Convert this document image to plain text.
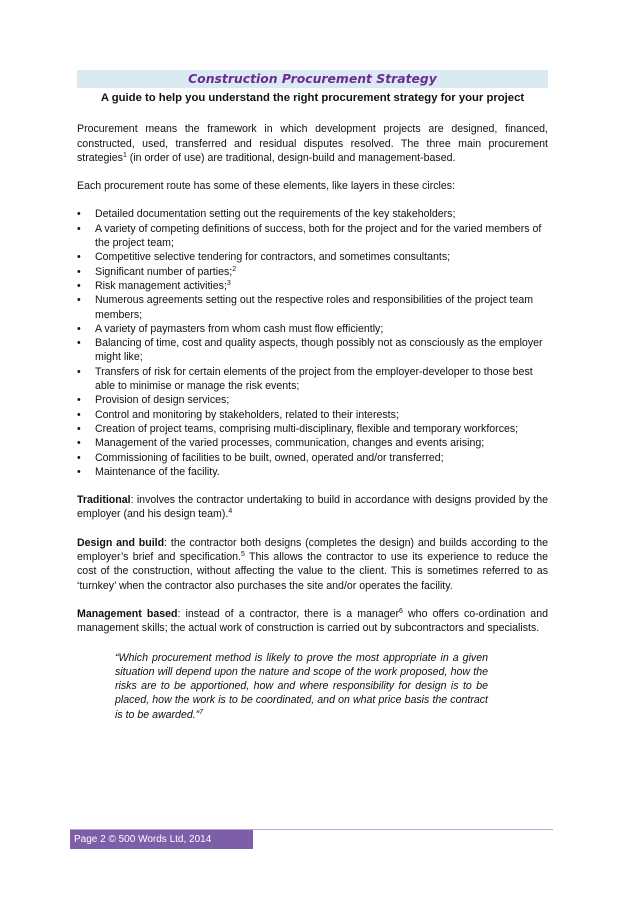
Construction Procurement Strategy
A guide to help you understand the right procurement strategy for your project

Procurement means the framework in which development projects are designed, financed, constructed, used, transferred and residual disputes resolved. The three main procurement strategies$^1$ (in order of use) are traditional, design-build and management-based.

Each procurement route has some of these elements, like layers in these circles:

•	Detailed documentation setting out the requirements of the key stakeholders;
•	A variety of competing definitions of success, both for the project and for the varied members of the project team;
•	Competitive selective tendering for contractors, and sometimes consultants;
•	Significant number of parties;$^2$
•	Risk management activities;$^3$
•	Numerous agreements setting out the respective roles and responsibilities of the project team members;
•	A variety of paymasters from whom cash must flow efficiently;
•	Balancing of time, cost and quality aspects, though possibly not as consciously as the employer might like;
•	Transfers of risk for certain elements of the project from the employer-developer to those best able to minimise or manage the risk events;
•	Provision of design services;
•	Control and monitoring by stakeholders, related to their interests;
•	Creation of project teams, comprising multi-disciplinary, flexible and temporary workforces;
•	Management of the varied processes, communication, changes and events arising;
•	Commissioning of facilities to be built, owned, operated and/or transferred;
•	Maintenance of the facility.

Traditional: involves the contractor undertaking to build in accordance with designs provided by the employer (and his design team).$^4$

Design and build: the contractor both designs (completes the design) and builds according to the employer’s brief and specification.$^5$ This allows the contractor to use its experience to reduce the cost of the construction, without affecting the value to the client. This is sometimes referred to as ‘turnkey’ when the contractor also purchases the site and/or operates the facility.

Management based: instead of a contractor, there is a manager$^6$ who offers co-ordination and management skills; the actual work of construction is carried out by subcontractors and specialists.

“Which procurement method is likely to prove the most appropriate in a given situation will depend upon the nature and scope of the work proposed, how the risks are to be apportioned, how and where responsibility for design is to be placed, how the work is to be coordinated, and on what price basis the contract is to be awarded.”$^7$

Page 2 © 500 Words Ltd, 2014
